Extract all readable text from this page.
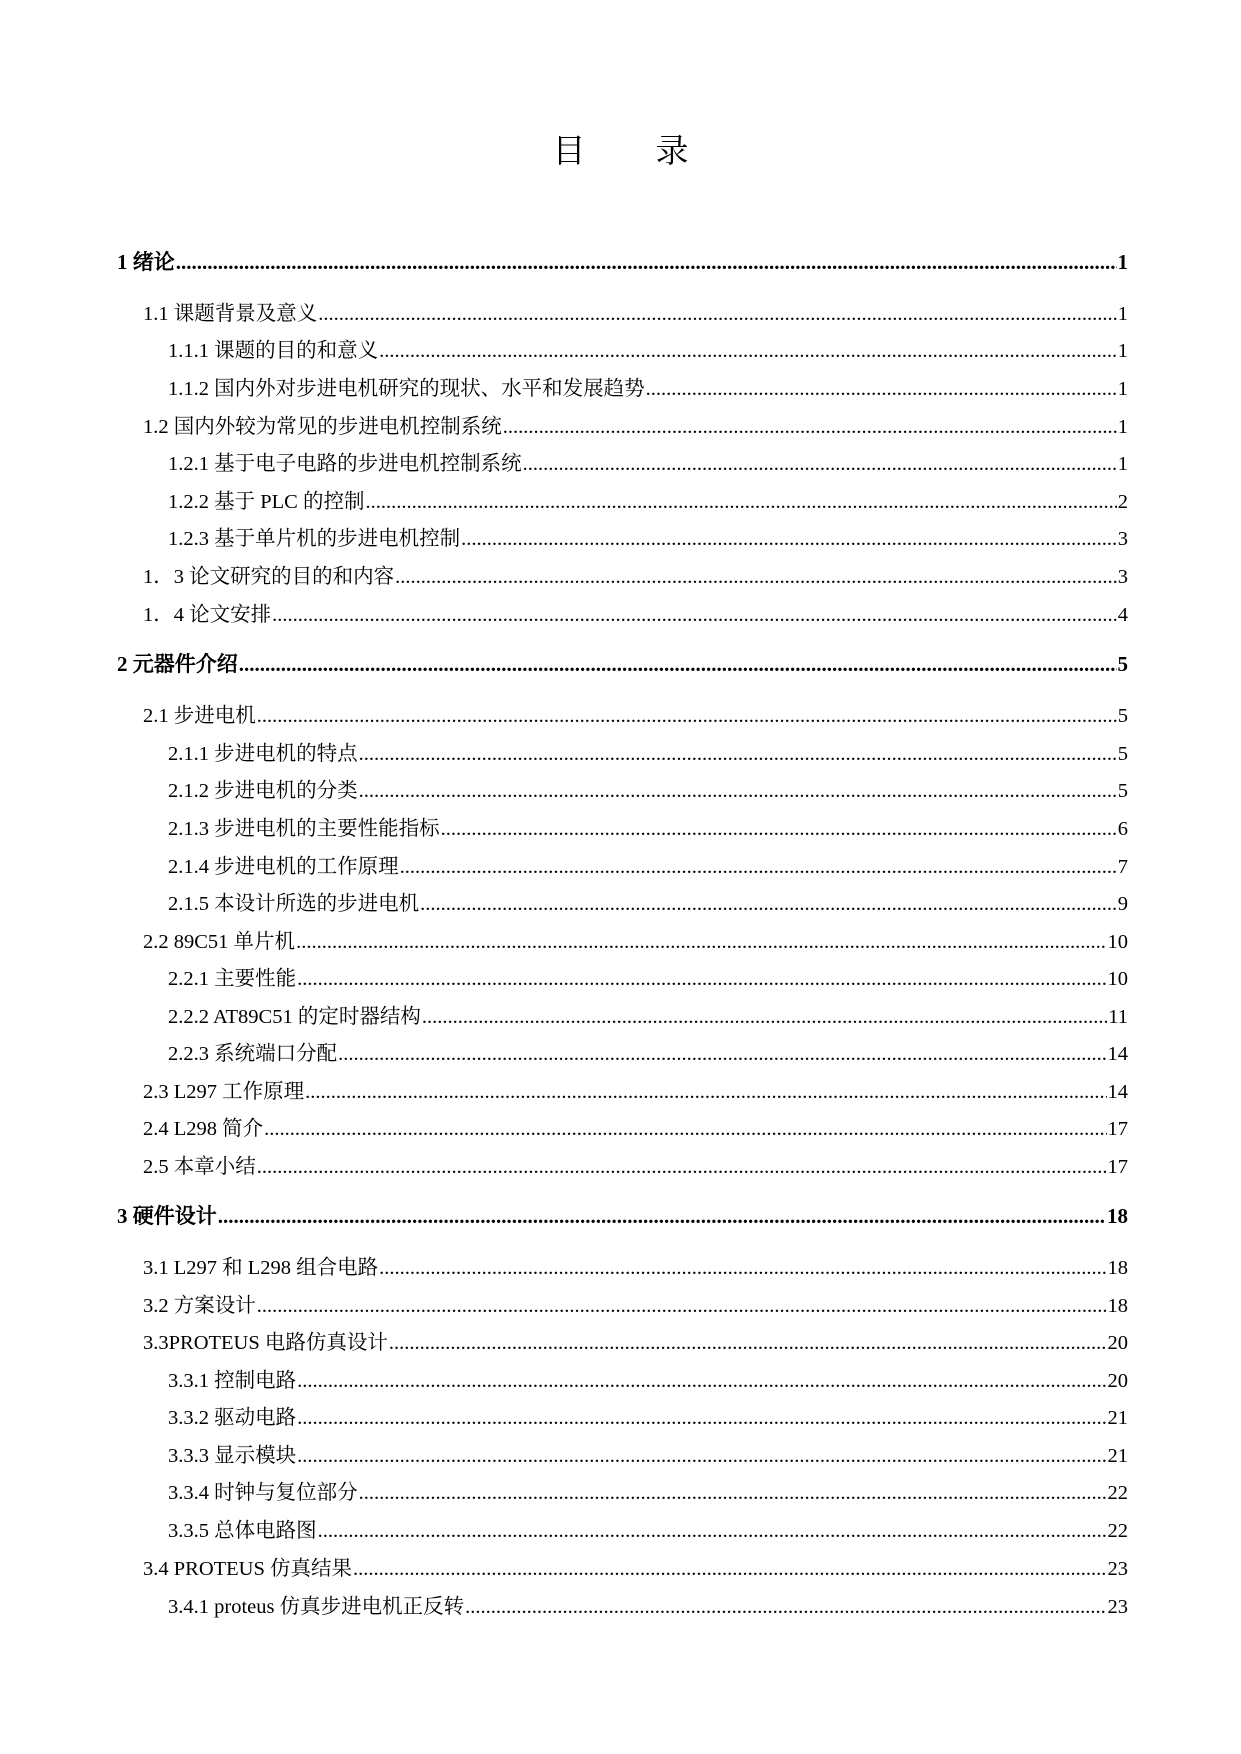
目 录
1 绪论 .....	1
1.1 课题背景及意义 .....	1
1.1.1 课题的目的和意义 .....	1
1.1.2 国内外对步进电机研究的现状、水平和发展趋势 .....	1
1.2 国内外较为常见的步进电机控制系统 .....	1
1.2.1 基于电子电路的步进电机控制系统 .....	1
1.2.2 基于 PLC 的控制 .....	2
1.2.3 基于单片机的步进电机控制 .....	3
1．3 论文研究的目的和内容 .....	3
1．4 论文安排 .....	4
2 元器件介绍 .....	5
2.1 步进电机 .....	5
2.1.1 步进电机的特点 .....	5
2.1.2 步进电机的分类 .....	5
2.1.3 步进电机的主要性能指标 .....	6
2.1.4 步进电机的工作原理 .....	7
2.1.5 本设计所选的步进电机 .....	9
2.2 89C51 单片机 .....	10
2.2.1 主要性能 .....	10
2.2.2 AT89C51 的定时器结构 .....	11
2.2.3 系统端口分配 .....	14
2.3 L297 工作原理 .....	14
2.4 L298 简介 .....	17
2.5 本章小结 .....	17
3 硬件设计 .....	18
3.1 L297 和 L298 组合电路 .....	18
3.2 方案设计 .....	18
3.3PROTEUS 电路仿真设计 .....	20
3.3.1 控制电路 .....	20
3.3.2 驱动电路 .....	21
3.3.3 显示模块 .....	21
3.3.4 时钟与复位部分 .....	22
3.3.5 总体电路图 .....	22
3.4 PROTEUS 仿真结果 .....	23
3.4.1 proteus 仿真步进电机正反转 .....	23
